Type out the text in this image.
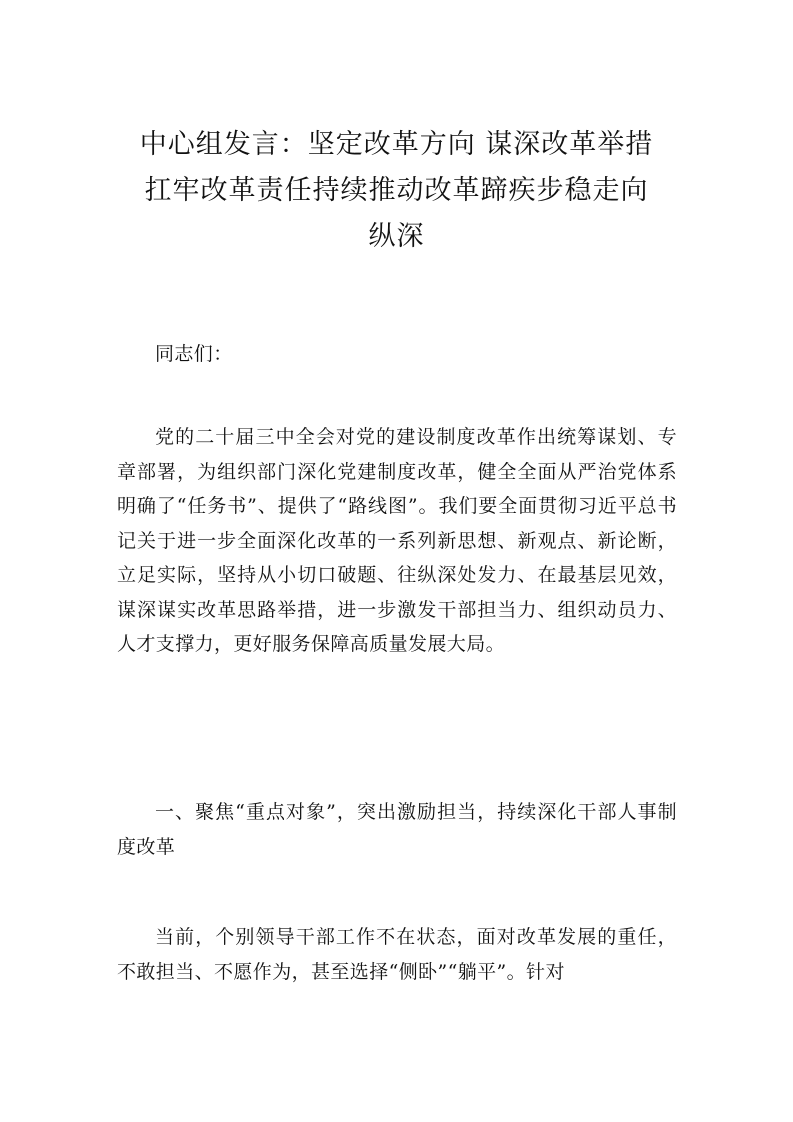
中心组发言：坚定改革方向 谋深改革举措
扛牢改革责任持续推动改革蹄疾步稳走向
纵深

同志们：

党的二十届三中全会对党的建设制度改革作出统筹谋划、专章部署，为组织部门深化党建制度改革，健全全面从严治党体系明确了“任务书”、提供了“路线图”。我们要全面贯彻习近平总书记关于进一步全面深化改革的一系列新思想、新观点、新论断，立足实际，坚持从小切口破题、往纵深处发力、在最基层见效，谋深谋实改革思路举措，进一步激发干部担当力、组织动员力、人才支撑力，更好服务保障高质量发展大局。

一、聚焦“重点对象”，突出激励担当，持续深化干部人事制度改革

当前，个别领导干部工作不在状态，面对改革发展的重任，不敢担当、不愿作为，甚至选择“侧卧”“躺平”。针对
